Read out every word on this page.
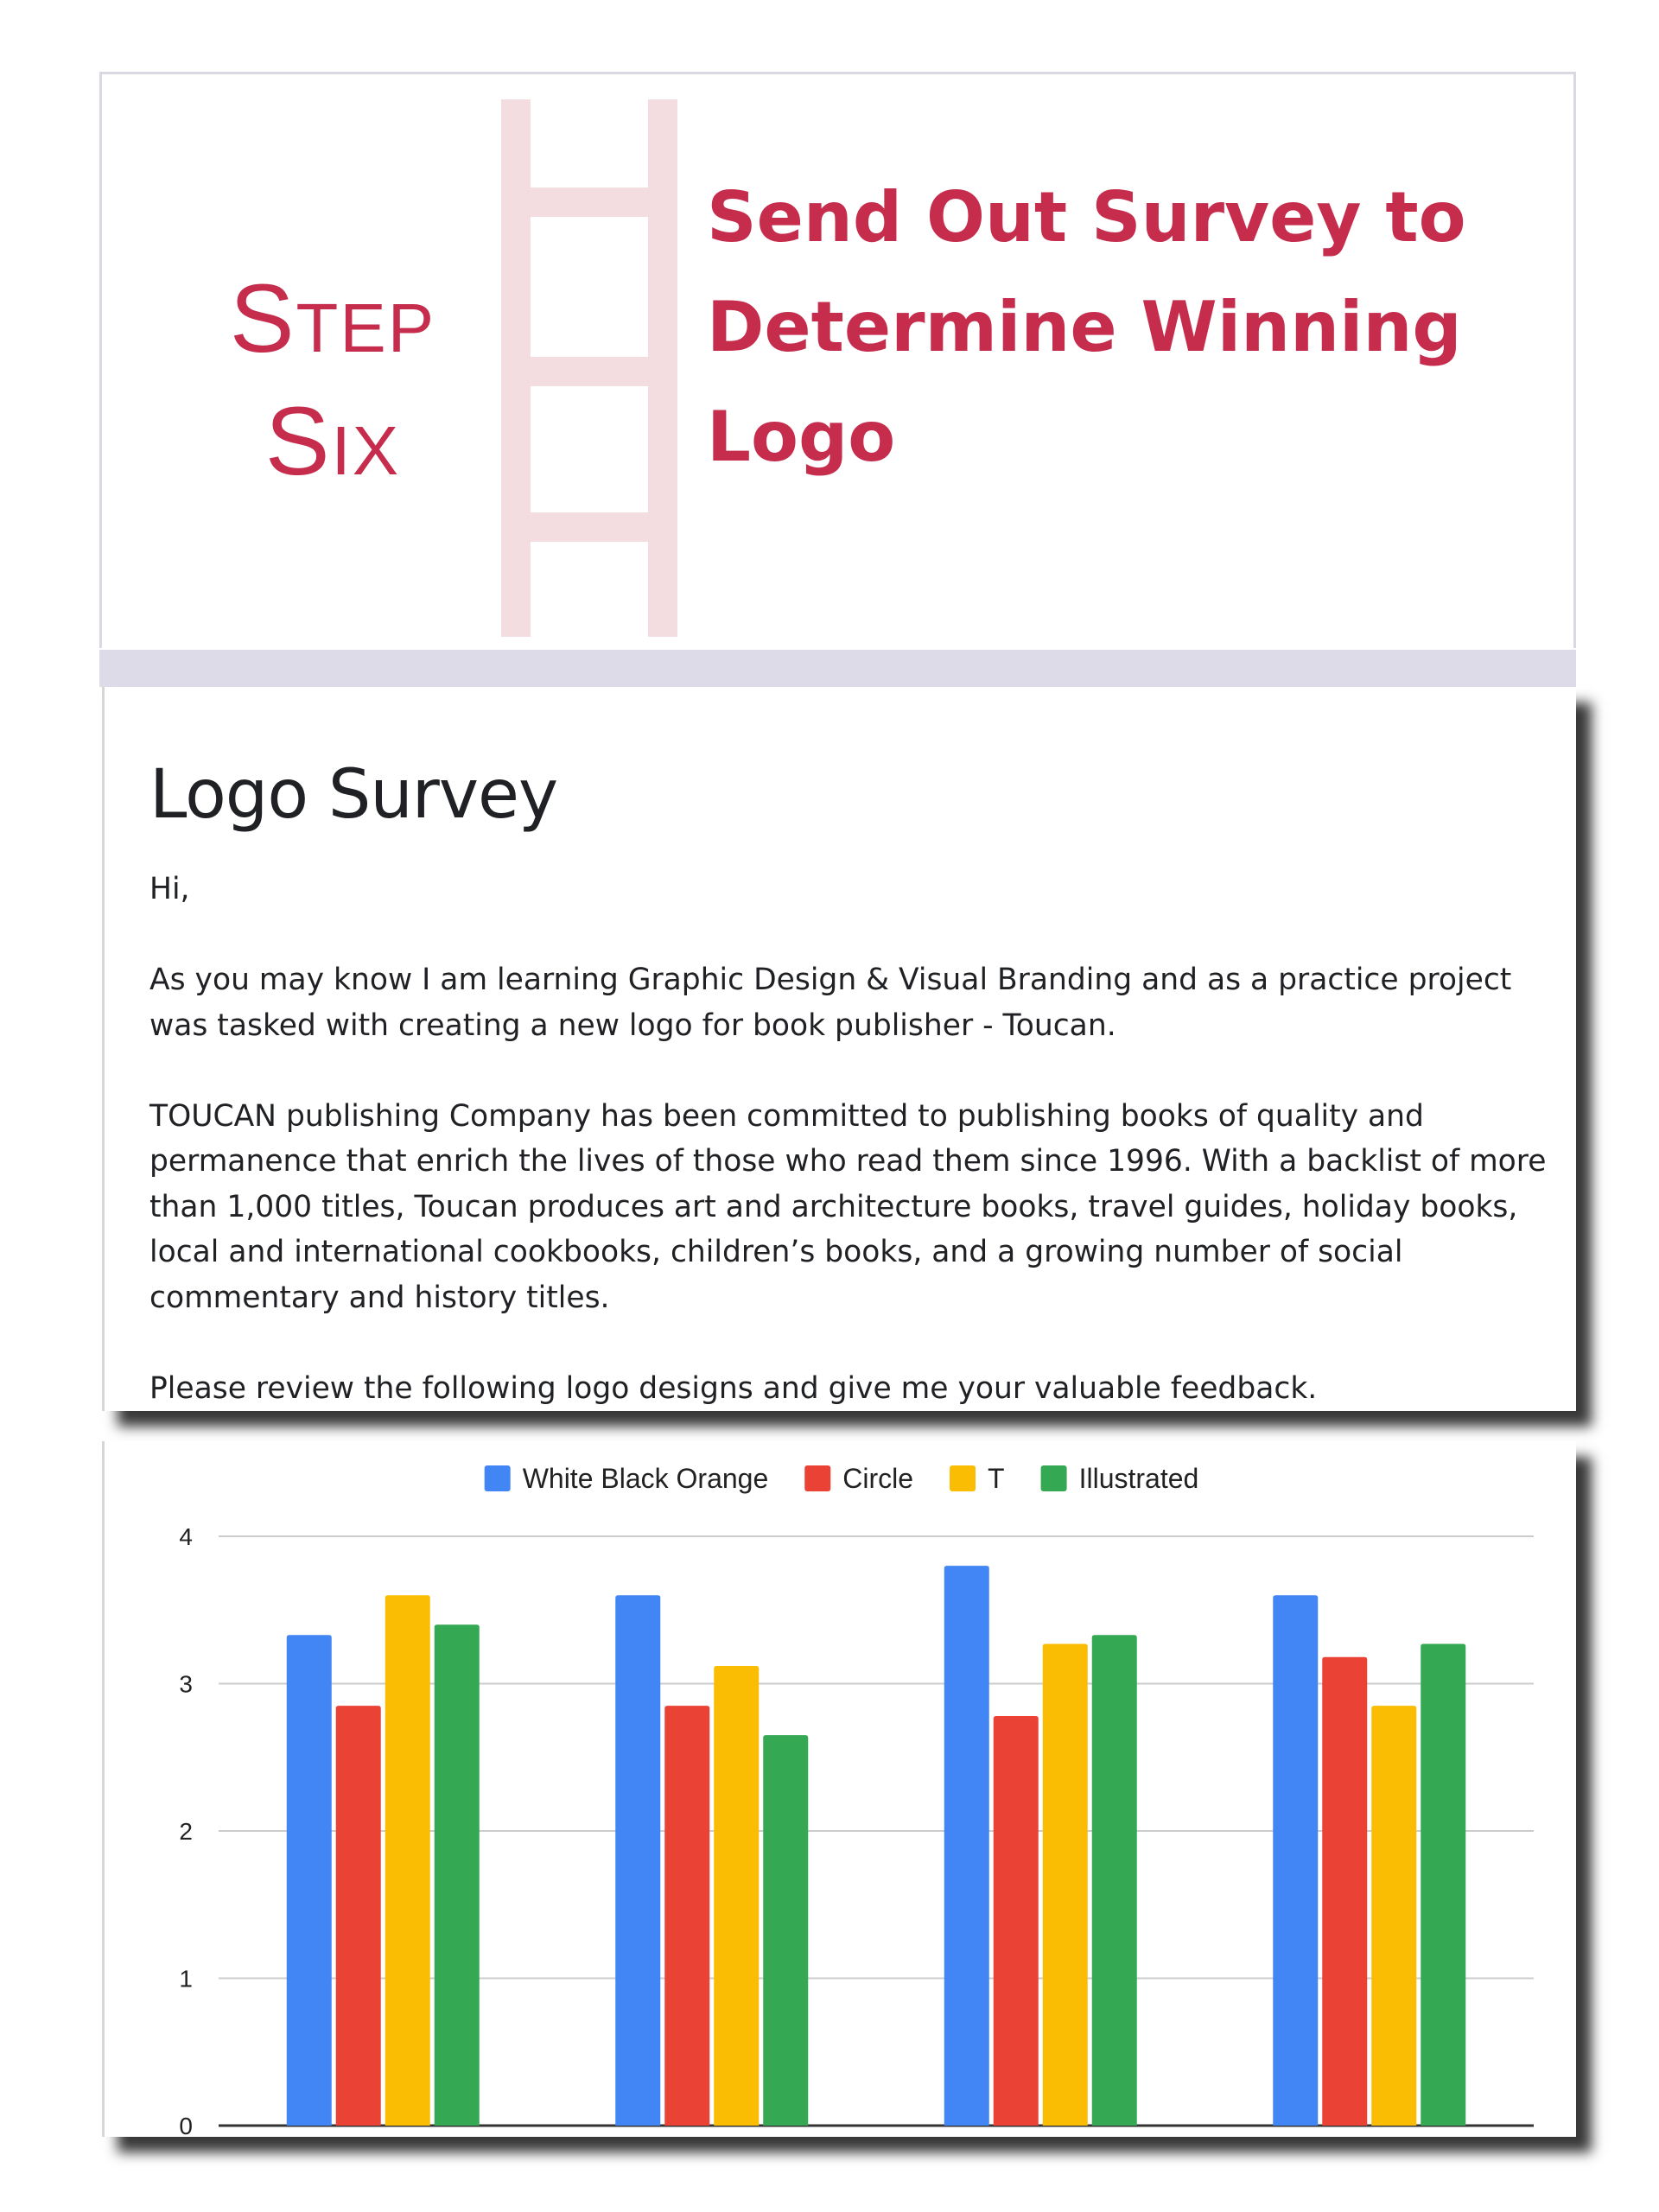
STEP
SIX
Send Out Survey to
Determine Winning
Logo
Logo Survey

Hi,

As you may know I am learning Graphic Design & Visual Branding and as a practice project was tasked with creating a new logo for book publisher - Toucan.

TOUCAN publishing Company has been committed to publishing books of quality and permanence that enrich the lives of those who read them since 1996. With a backlist of more than 1,000 titles, Toucan produces art and architecture books, travel guides, holiday books, local and international cookbooks, children’s books, and a growing number of social commentary and history titles.

Please review the following logo designs and give me your valuable feedback.

0
1
2
3
4
White Black Orange	Circle	T	Illustrated
